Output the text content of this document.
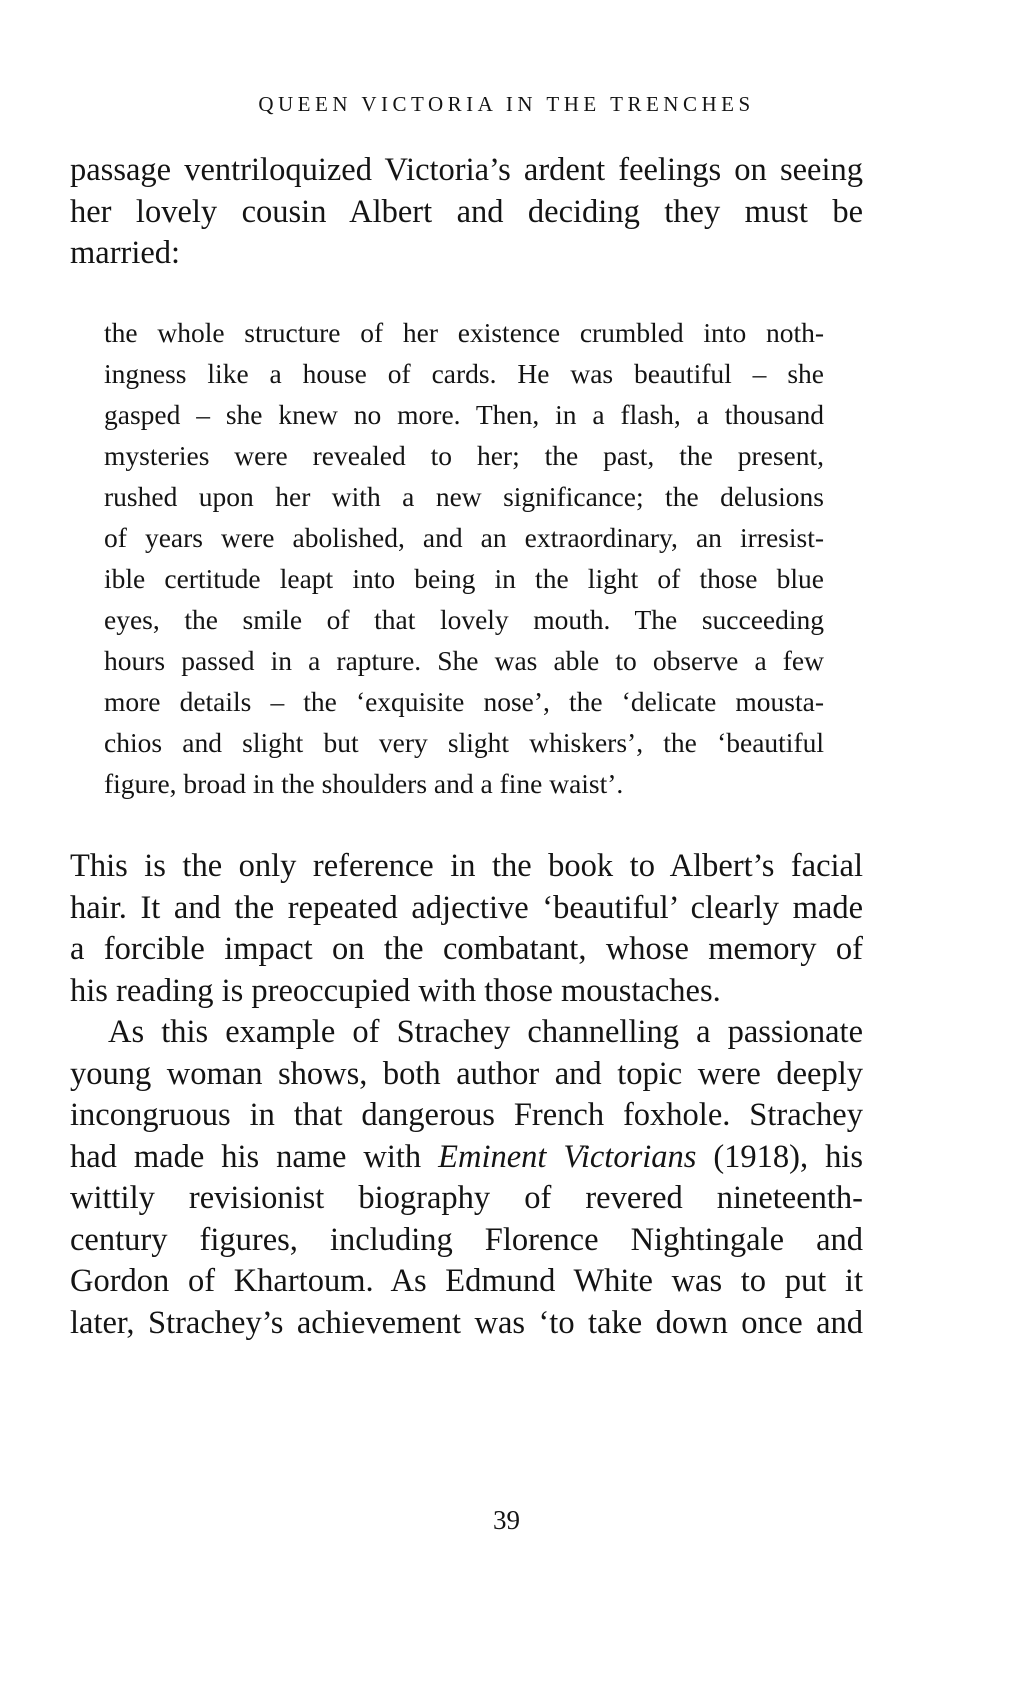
QUEEN VICTORIA IN THE TRENCHES
passage ventriloquized Victoria’s ardent feelings on seeing
her lovely cousin Albert and deciding they must be
married:
the whole structure of her existence crumbled into noth-
ingness like a house of cards. He was beautiful – she
gasped – she knew no more. Then, in a flash, a thousand
mysteries were revealed to her; the past, the present,
rushed upon her with a new significance; the delusions
of years were abolished, and an extraordinary, an irresist-
ible certitude leapt into being in the light of those blue
eyes, the smile of that lovely mouth. The succeeding
hours passed in a rapture. She was able to observe a few
more details – the ‘exquisite nose’, the ‘delicate mousta-
chios and slight but very slight whiskers’, the ‘beautiful
figure, broad in the shoulders and a fine waist’.
This is the only reference in the book to Albert’s facial
hair. It and the repeated adjective ‘beautiful’ clearly made
a forcible impact on the combatant, whose memory of
his reading is preoccupied with those moustaches.
As this example of Strachey channelling a passionate
young woman shows, both author and topic were deeply
incongruous in that dangerous French foxhole. Strachey
had made his name with Eminent Victorians (1918), his
wittily revisionist biography of revered nineteenth-
century figures, including Florence Nightingale and
Gordon of Khartoum. As Edmund White was to put it
later, Strachey’s achievement was ‘to take down once and
39
